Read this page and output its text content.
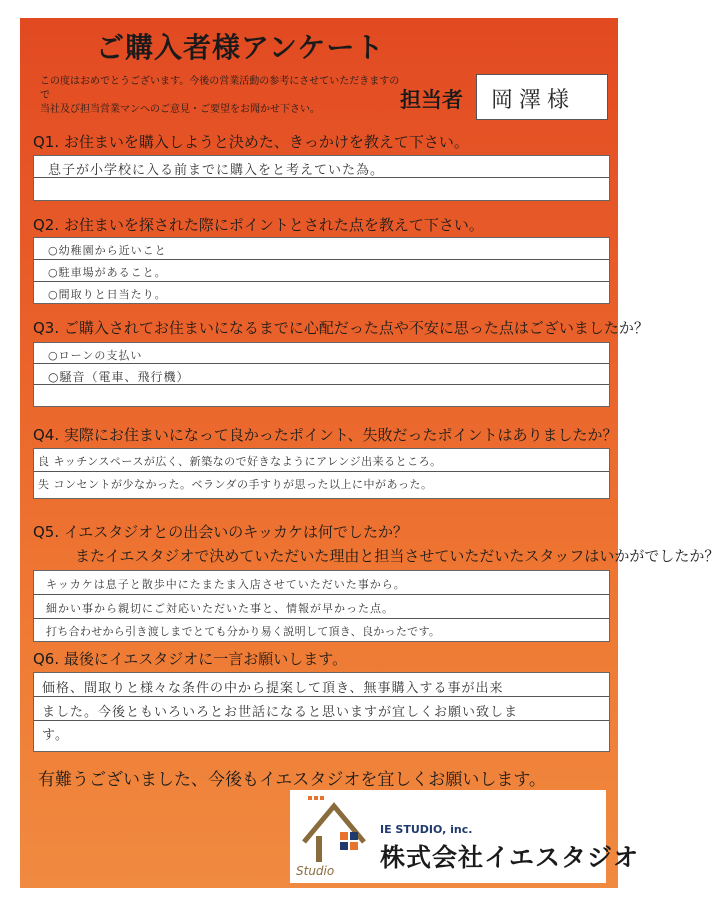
ご購入者様アンケート
この度はおめでとうございます。今後の営業活動の参考にさせていただきますので
当社及び担当営業マンへのご意見・ご要望をお聞かせ下さい。	担当者 岡澤様
Q1. お住まいを購入しようと決めた、きっかけを教えて下さい。
息子が小学校に入る前までに購入をと考えていた為。
Q2. お住まいを探された際にポイントとされた点を教えて下さい。
○幼稚園から近いこと
○駐車場があること。
○間取りと日当たり。
Q3. ご購入されてお住まいになるまでに心配だった点や不安に思った点はございましたか？
○ローンの支払い
○騒音（電車、飛行機）
Q4. 実際にお住まいになって良かったポイント、失敗だったポイントはありましたか？
良 キッチンスペースが広く、新築なので好きなようにアレンジ出来るところ。
失 コンセントが少なかった。ベランダの手すりが思った以上に中があった。
Q5. イエスタジオとの出会いのキッカケは何でしたか？
またイエスタジオで決めていただいた理由と担当させていただいたスタッフはいかがでしたか？
キッカケは息子と散歩中にたまたま入店させていただいた事から。
細かい事から親切にご対応いただいた事と、情報が早かった点。
打ち合わせから引き渡しまでとても分かり易く説明して頂き、良かったです。
Q6. 最後にイエスタジオに一言お願いします。
価格、間取りと様々な条件の中から提案して頂き、無事購入する事が出来
ました。今後ともいろいろとお世話になると思いますが宜しくお願い致しま
す。
有難うございました、今後もイエスタジオを宜しくお願いします。
IE STUDIO, inc.
株式会社イエスタジオ
Studio
